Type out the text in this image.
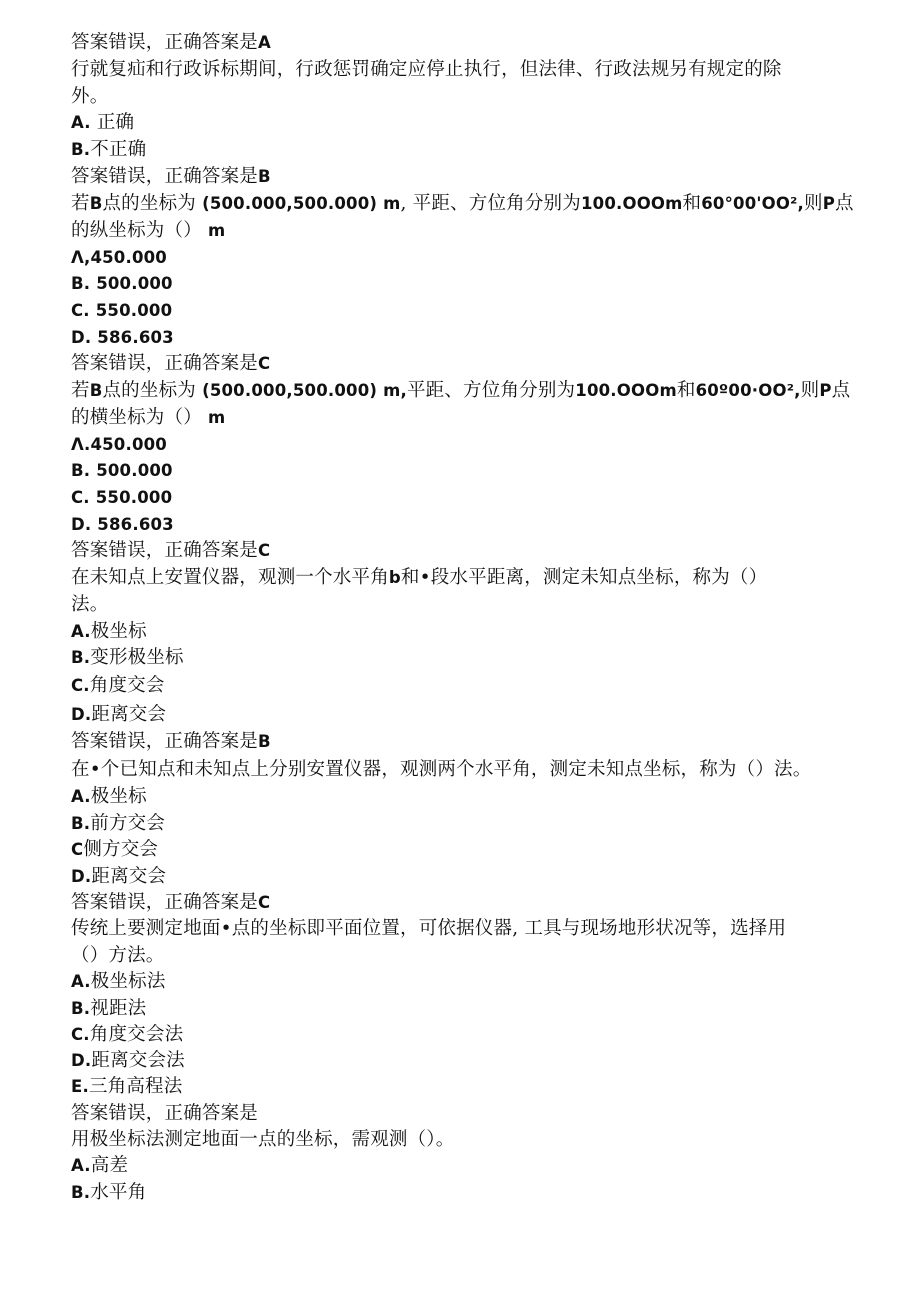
答案错误，正确答案是A
行就复疝和行政诉标期间，行政惩罚确定应停止执行，但法律、行政法规另有规定的除
外。
A. 正确
B.不正确
答案错误，正确答案是B
若B点的坐标为 (500.000,500.000) m, 平距、方位角分别为100.OOOm和60°00'OO²,则P点
的纵坐标为（） m
Λ,450.000
B. 500.000
C. 550.000
D. 586.603
答案错误，正确答案是C
若B点的坐标为 (500.000,500.000) m,平距、方位角分别为100.OOOm和60º00·OO²,则P点
的横坐标为（） m
Λ.450.000
B. 500.000
C. 550.000
D. 586.603
答案错误，正确答案是C
在未知点上安置仪器，观测一个水平角b和•段水平距离，测定未知点坐标，称为（）
法。
A.极坐标
B.变形极坐标
C.角度交会
D.距离交会
答案错误，正确答案是B
在•个已知点和未知点上分别安置仪器，观测两个水平角，测定未知点坐标，称为（）法。
A.极坐标
B.前方交会
C侧方交会
D.距离交会
答案错误，正确答案是C
传统上要测定地面•点的坐标即平面位置，可依据仪器, 工具与现场地形状况等，选择用
（）方法。
A.极坐标法
B.视距法
C.角度交会法
D.距离交会法
E.三角高程法
答案错误，正确答案是
用极坐标法测定地面一点的坐标，需观测（）。
A.高差
B.水平角
